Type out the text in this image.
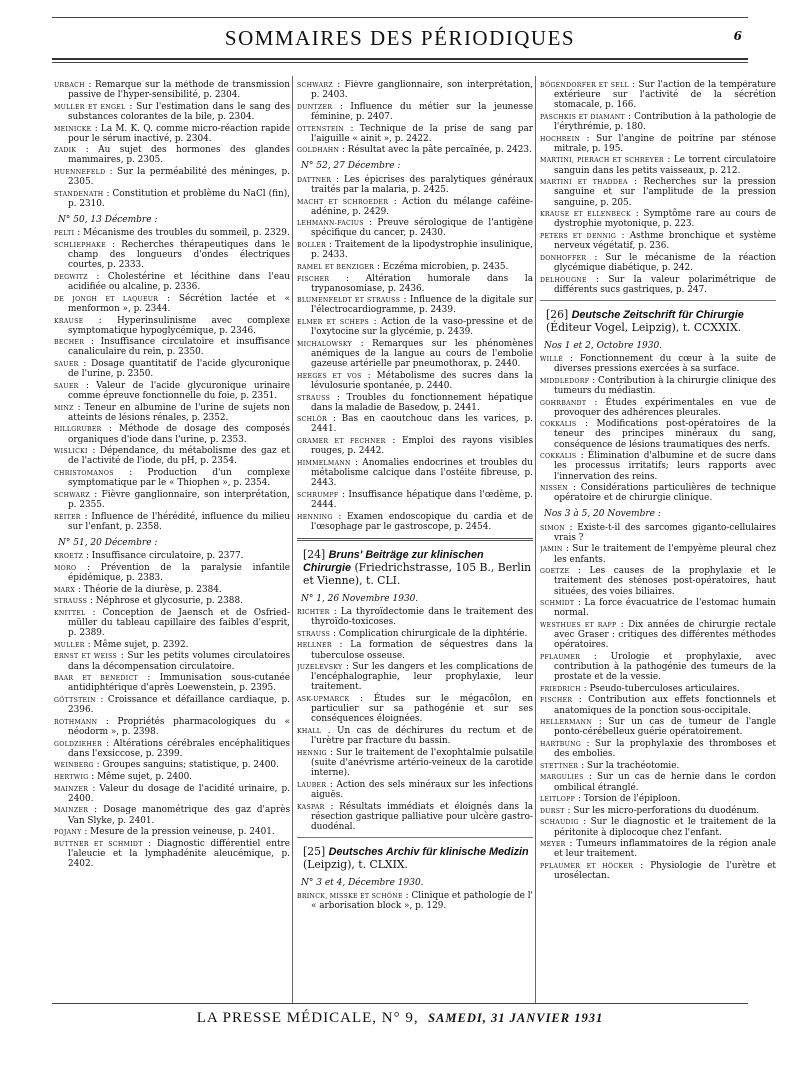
SOMMAIRES DES PÉRIODIQUES	6

URBACH : Remarque sur la méthode de transmission passive de l'hyper-sensibilité, p. 2304.

MULLER ET ENGEL : Sur l'estimation dans le sang des substances colorantes de la bile, p. 2304.

MEINICKE : La M. K. Q. comme micro-réaction rapide pour le sérum inactivé, p. 2304.

ZADIK : Au sujet des hormones des glandes mammaires, p. 2305.

HUENNEFELD : Sur la perméabilité des méninges, p. 2305.

STANDENATH : Constitution et problème du NaCl (fin), p. 2310.

N° 50, 13 Décembre :

PELTI : Mécanisme des troubles du sommeil, p. 2329.

SCHLIEPHAKE : Recherches thérapeutiques dans le champ des longueurs d'ondes électriques courtes, p. 2333.

DEGWITZ : Cholestérine et lécithine dans l'eau acidifiée ou alcaline, p. 2336.

DE JONGH ET LAQUEUR : Sécrétion lactée et « menformon », p. 2344.

KRAUSE : Hyperinsulinisme avec complexe symptomatique hypoglycémique, p. 2346.

BECHER : Insuffisance circulatoire et insuffisance canaliculaire du rein, p. 2350.

SAUER : Dosage quantitatif de l'acide glycuronique de l'urine, p. 2350.

SAUER : Valeur de l'acide glycuronique urinaire comme épreuve fonctionnelle du foie, p. 2351.

MINZ : Teneur en albumine de l'urine de sujets non atteints de lésions rénales, p. 2352.

HILLGRUBER : Méthode de dosage des composés organiques d'iode dans l'urine, p. 2353.

WISLICKI : Dépendance, du métabolisme des gaz et de l'activité de l'iode, du pH, p. 2354.

CHRISTOMANOS : Production d'un complexe symptomatique par le « Thiophen », p. 2354.

SCHWARZ : Fièvre ganglionnaire, son interprétation, p. 2355.

REITER : Influence de l'hérédité, influence du milieu sur l'enfant, p. 2358.

N° 51, 20 Décembre :

KROETZ : Insuffisance circulatoire, p. 2377.

MORO : Prévention de la paralysie infantile épidémique, p. 2383.

MARX : Théorie de la diurèse, p. 2384.

STRAUSS : Néphrose et glycosurie, p. 2388.

KNITTEL : Conception de Jaensch et de Osfried-müller du tableau capillaire des faibles d'esprit, p. 2389.

MULLER : Même sujet, p. 2392.

ERNST ET WEISS : Sur les petits volumes circulatoires dans la décompensation circulatoire.

BAAR ET BENEDICT : Immunisation sous-cutanée antidiphtérique d'après Loewenstein, p. 2395.

GÖTTSTEIN : Croissance et défaillance cardiaque, p. 2396.

ROTHMANN : Propriétés pharmacologiques du « néodorm », p. 2398.

GOLDZIEHER : Altérations cérébrales encéphalitiques dans l'exsiccose, p. 2399.

WEINBERG : Groupes sanguins; statistique, p. 2400.

HERTWIG : Même sujet, p. 2400.

MAINZER : Valeur du dosage de l'acidité urinaire, p. 2400.

MAINZER : Dosage manométrique des gaz d'après Van Slyke, p. 2401.

POJANY : Mesure de la pression veineuse, p. 2401.

BUTTNER ET SCHMIDT : Diagnostic différentiel entre l'aleucie et la lymphadénite aleucémique, p. 2402.

SCHWARZ : Fièvre ganglionnaire, son interprétation, p. 2403.

DUNTZER : Influence du métier sur la jeunesse féminine, p. 2407.

OTTENSTEIN : Technique de la prise de sang par l'aiguille « ainit », p. 2422.

GOLDHAHN : Résultat avec la pâte percaïnée, p. 2423.

N° 52, 27 Décembre :

DATTNER : Les épicrises des paralytiques généraux traités par la malaria, p. 2425.

MACHT ET SCHROEDER : Action du mélange caféine-adénine, p. 2429.

LEHMANN-FACIUS : Preuve sérologique de l'antigène spécifique du cancer, p. 2430.

BOLLER : Traitement de la lipodystrophie insulinique, p. 2433.

RAMEL ET BENZIGER : Eczéma microbien, p. 2435.

FISCHER : Altération humorale dans la trypanosomiase, p. 2436.

BLUMENFELDT ET STRAUSS : Influence de la digitale sur l'électrocardiogramme, p. 2439.

ELMER ET SCHEPS : Action de la vaso-pressine et de l'oxytocine sur la glycémie, p. 2439.

MICHALOWSKY : Remarques sur les phénomènes anémiques de la langue au cours de l'embolie gazeuse artérielle par pneumothorax, p. 2440.

HEEGES ET VOS : Métabolisme des sucres dans la lévulosurie spontanée, p. 2440.

STRAUSS : Troubles du fonctionnement hépatique dans la maladie de Basedow, p. 2441.

SCHLÖR : Bas en caoutchouc dans les varices, p. 2441.

GRAMER ET FECHNER : Emploi des rayons visibles rouges, p. 2442.

HIMMELMANN : Anomalies endocrines et troubles du métabolisme calcique dans l'ostéite fibreuse, p. 2443.

SCHRUMPF : Insuffisance hépatique dans l'œdème, p. 2444.

HENNING : Examen endoscopique du cardia et de l'œsophage par le gastroscope, p. 2454.

[24] Bruns' Beiträge zur klinischen Chirurgie (Friedrichstrasse, 105 B., Berlin et Vienne), t. CLI.
N° 1, 26 Novembre 1930.

RICHTER : La thyroïdectomie dans le traitement des thyroïdo-toxicoses.

STRAUSS : Complication chirurgicale de la diphtérie.

HELLNER : La formation de séquestres dans la tuberculose osseuse.

JUZELEVSKY : Sur les dangers et les complications de l'encéphalographie, leur prophylaxie, leur traitement.

ASK-UPMARCK : Études sur le mégacôlon, en particulier sur sa pathogénie et sur ses conséquences éloignées.

KHALL . Un cas de déchirures du rectum et de l'urètre par fracture du bassin.

HENNIG : Sur le traitement de l'exophtalmie pulsatile (suite d'anévrisme artério-veineux de la carotide interne).

LAUBER : Action des sels minéraux sur les infections aiguës.

KASPAR : Résultats immédiats et éloignés dans la résection gastrique palliative pour ulcère gastro-duodénal.

[25] Deutsches Archiv für klinische Medizin (Leipzig), t. CLXIX.
N° 3 et 4, Décembre 1930.

BRINCK, MISSKE ET SCHÖNE : Clinique et pathologie de l' « arborisation block », p. 129.

BÖGENDORFER ET SELL : Sur l'action de la température extérieure sur l'activité de la sécrétion stomacale, p. 166.

PASCHKIS ET DIAMANT : Contribution à la pathologie de l'érythrémie, p. 180.

HOCHREIN : Sur l'angine de poitrine par sténose mitrale, p. 195.

MARTINI, PIERACH ET SCHREYER : Le torrent circulatoire sanguin dans les petits vaisseaux, p. 212.

MARTINI ET THADDEA : Recherches sur la pression sanguine et sur l'amplitude de la pression sanguine, p. 205.

KRAUSE ET ELLENBECK : Symptôme rare au cours de dystrophie myotonique, p. 223.

PETERS ET DENNIG : Asthme bronchique et système nerveux végétatif, p. 236.

DONHOFFER : Sur le mécanisme de la réaction glycémique diabétique, p. 242.

DELHOUGNE : Sur la valeur polarimétrique de différents sucs gastriques, p. 247.

[26] Deutsche Zeitschrift für Chirurgie (Éditeur Vogel, Leipzig), t. CCXXIX.
Nos 1 et 2, Octobre 1930.

WILLÉ : Fonctionnement du cœur à la suite de diverses pressions exercées à sa surface.

MIDDLEDORF : Contribution à la chirurgie clinique des tumeurs du médiastin.

GOHRBANDT : Études expérimentales en vue de provoquer des adhérences pleurales.

COKKALIS : Modifications post-opératoires de la teneur des principes minéraux du sang, conséquence de lésions traumatiques des nerfs.

COKKALIS : Élimination d'albumine et de sucre dans les processus irritatifs; leurs rapports avec l'innervation des reins.

NISSEN : Considérations particulières de technique opératoire et de chirurgie clinique.

Nos 3 à 5, 20 Novembre :

SIMON : Existe-t-il des sarcomes giganto-cellulaires vrais ?

JAMIN : Sur le traitement de l'empyème pleural chez les enfants.

GOETZE : Les causes de la prophylaxie et le traitement des sténoses post-opératoires, haut situées, des voies biliaires.

SCHMIDT : La force évacuatrice de l'estomac humain normal.

WESTHUES ET RAPP : Dix années de chirurgie rectale avec Graser : critiques des différentes méthodes opératoires.

PFLAUMER : Urologie et prophylaxie, avec contribution à la pathogénie des tumeurs de la prostate et de la vessie.

FRIEDRICH : Pseudo-tuberculoses articulaires.

FISCHER : Contribution aux effets fonctionnels et anatomiques de la ponction sous-occipitale.

HELLERMANN : Sur un cas de tumeur de l'angle ponto-cérébelleux guérie opératoirement.

HARTBUNG : Sur la prophylaxie des thromboses et des embolies.

STETTNER : Sur la trachéotomie.

MARGULIES : Sur un cas de hernie dans le cordon ombilical étranglé.

LEITLOPP : Torsion de l'épiploon.

DURST : Sur les micro-perforations du duodénum.

SCHAUDIG : Sur le diagnostic et le traitement de la péritonite à diplocoque chez l'enfant.

MEYER : Tumeurs inflammatoires de la région anale et leur traitement.

PFLAUMER ET HÖCKER : Physiologie de l'urètre et urosélectan.

LA PRESSE MÉDICALE, N° 9, SAMEDI, 31 JANVIER 1931
